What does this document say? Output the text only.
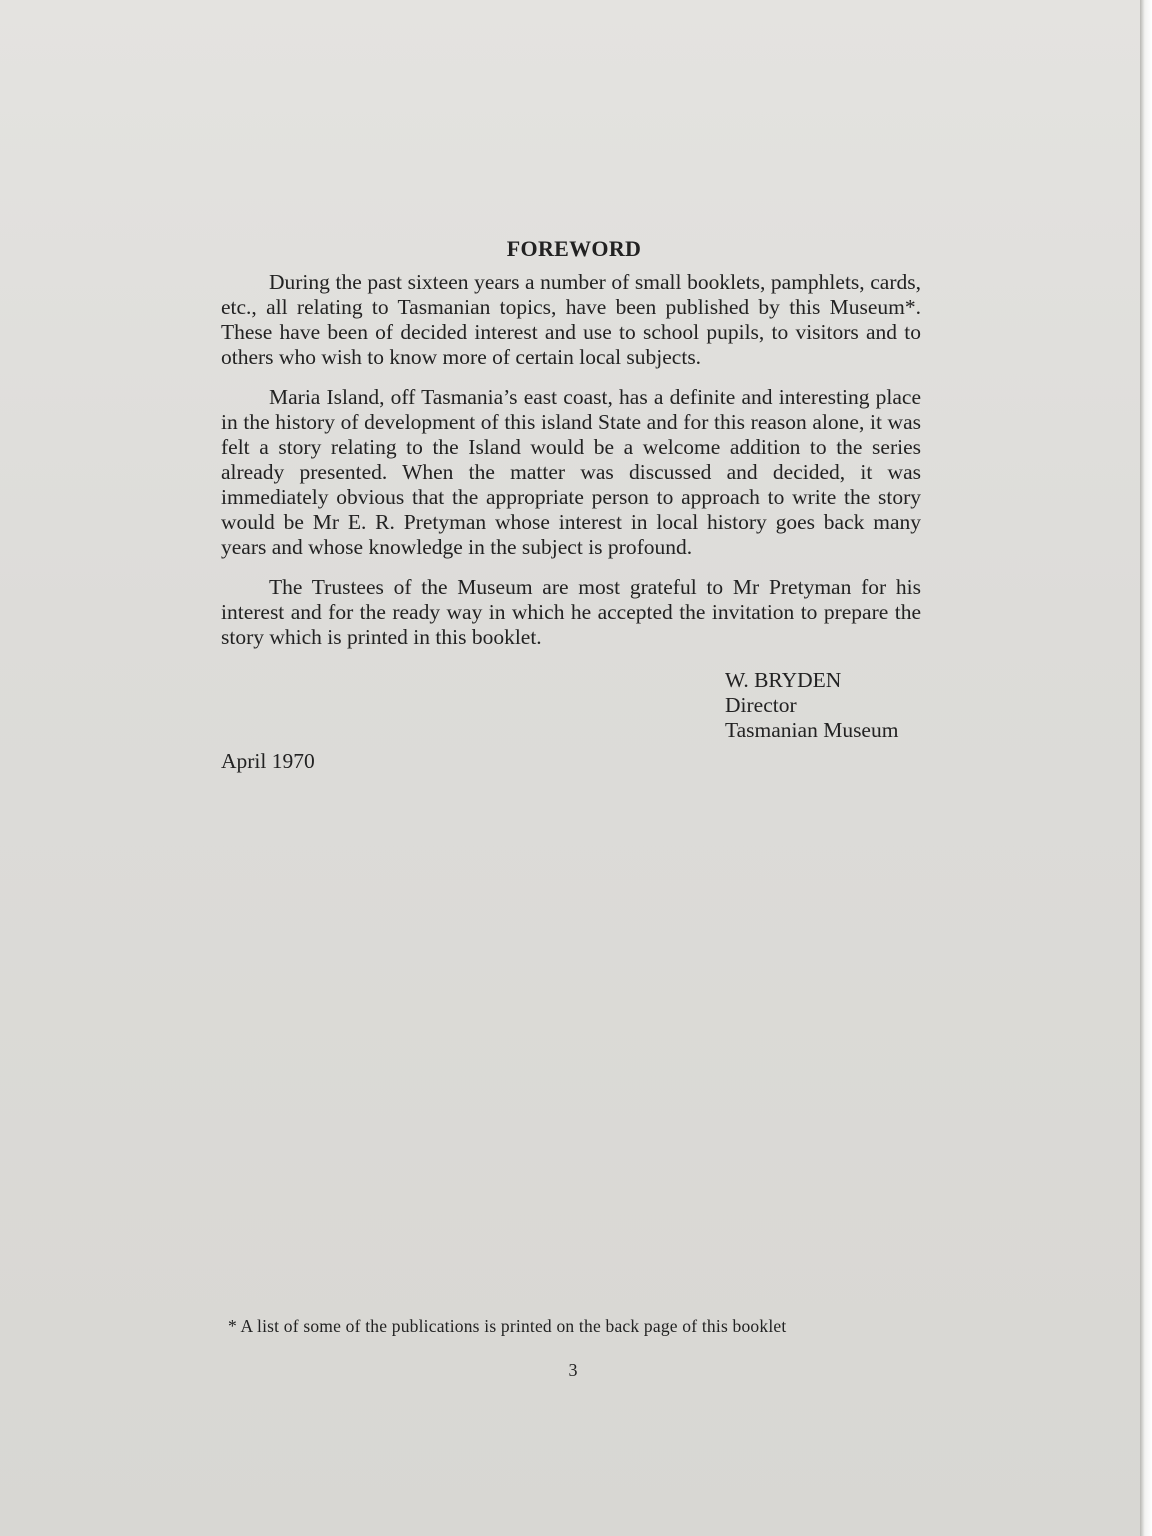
FOREWORD

During the past sixteen years a number of small booklets, pamphlets, cards, etc., all relating to Tasmanian topics, have been published by this Museum*. These have been of decided interest and use to school pupils, to visitors and to others who wish to know more of certain local subjects.

Maria Island, off Tasmania’s east coast, has a definite and interesting place in the history of development of this island State and for this reason alone, it was felt a story relating to the Island would be a welcome addition to the series already presented. When the matter was discussed and decided, it was immediately obvious that the appropriate person to approach to write the story would be Mr E. R. Pretyman whose interest in local history goes back many years and whose knowledge in the subject is profound.

The Trustees of the Museum are most grateful to Mr Pretyman for his interest and for the ready way in which he accepted the invitation to prepare the story which is printed in this booklet.

W. BRYDEN
Director
Tasmanian Museum
April 1970
* A list of some of the publications is printed on the back page of this booklet
3
